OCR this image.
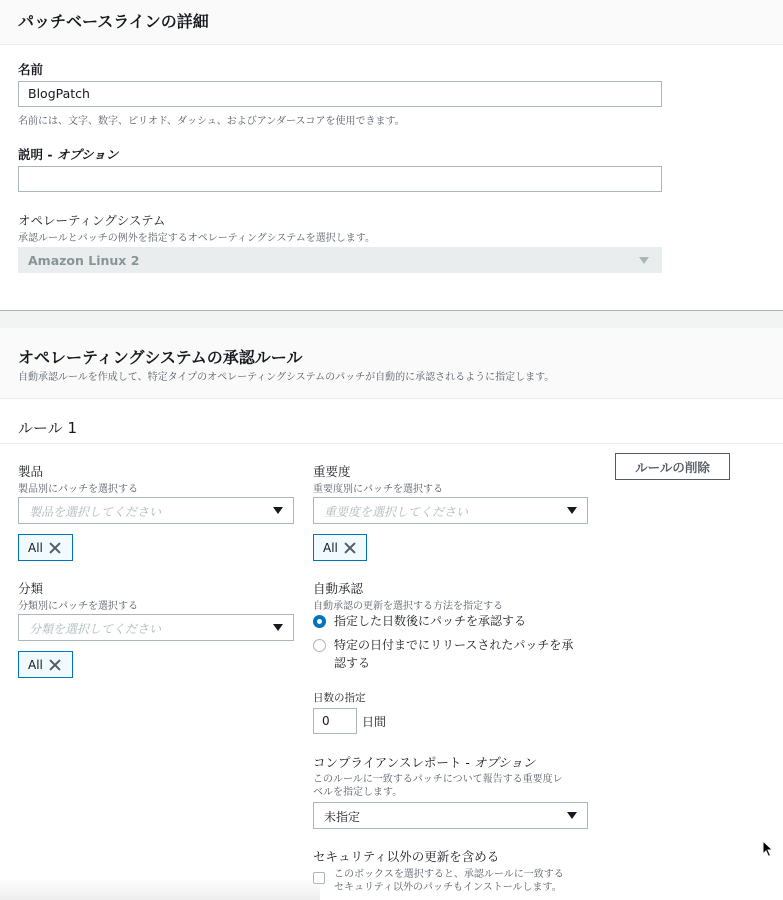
パッチベースラインの詳細
名前
BlogPatch
名前には、文字、数字、ピリオド、ダッシュ、およびアンダースコアを使用できます。
説明 - オプション
オペレーティングシステム
承認ルールとパッチの例外を指定するオペレーティングシステムを選択します。
Amazon Linux 2
オペレーティングシステムの承認ルール
自動承認ルールを作成して、特定タイプのオペレーティングシステムのパッチが自動的に承認されるように指定します。
ルール 1
ルールの削除
製品
製品別にパッチを選択する
製品を選択してください
All
重要度
重要度別にパッチを選択する
重要度を選択してください
All
分類
分類別にパッチを選択する
分類を選択してください
All
自動承認
自動承認の更新を選択する方法を指定する
指定した日数後にパッチを承認する
特定の日付までにリリースされたパッチを承
認する
日数の指定
0	日間
コンプライアンスレポート - オプション
このルールに一致するパッチについて報告する重要度レ
ベルを指定します。
未指定
セキュリティ以外の更新を含める
このボックスを選択すると、承認ルールに一致する
セキュリティ以外のパッチもインストールします。
